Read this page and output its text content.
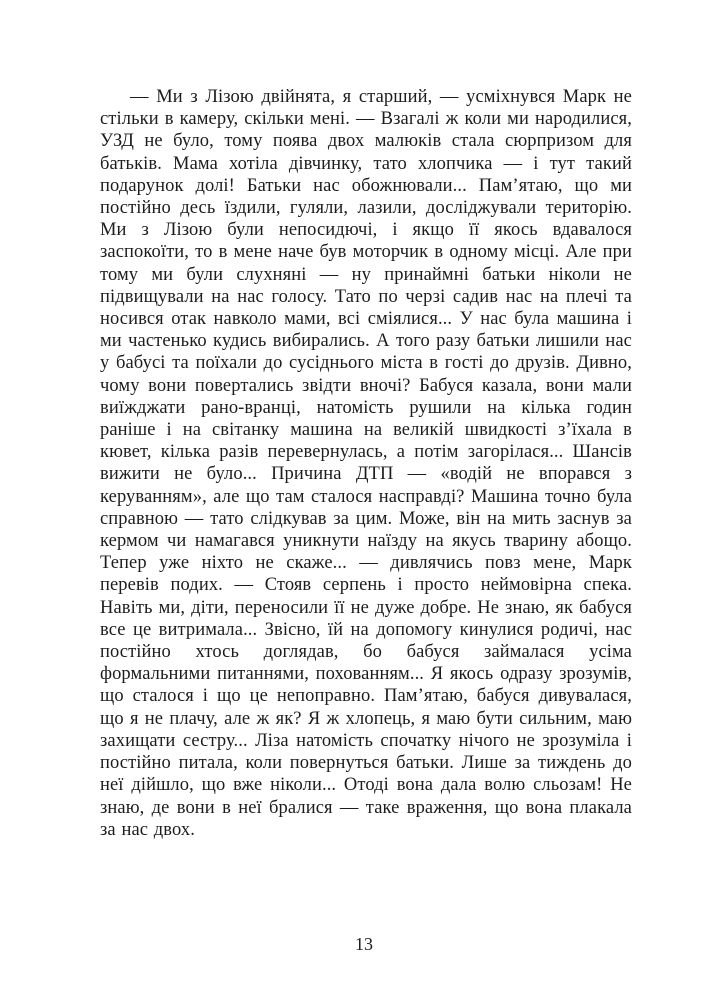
— Ми з Лізою двійнята, я старший, — усміхнувся Марк не стільки в камеру, скільки мені. — Взагалі ж коли ми народилися, УЗД не було, тому поява двох малюків стала сюрпризом для батьків. Мама хотіла дівчинку, тато хлопчика — і тут такий подарунок долі! Батьки нас обожнювали... Пам’ятаю, що ми постійно десь їздили, гуляли, лазили, досліджували територію. Ми з Лізою були непосидючі, і якщо її якось вдавалося заспокоїти, то в мене наче був моторчик в одному місці. Але при тому ми були слухняні — ну принаймні батьки ніколи не підвищували на нас голосу. Тато по черзі садив нас на плечі та носився отак навколо мами, всі сміялися... У нас була машина і ми частенько кудись вибирались. А того разу батьки лишили нас у бабусі та поїхали до сусіднього міста в гості до друзів. Дивно, чому вони повертались звідти вночі? Бабуся казала, вони мали виїжджати рано-вранці, натомість рушили на кілька годин раніше і на світанку машина на великій швидкості з’їхала в кювет, кілька разів перевернулась, а потім загорілася... Шансів вижити не було... Причина ДТП — «водій не впорався з керуванням», але що там сталося насправді? Машина точно була справною — тато слідкував за цим. Може, він на мить заснув за кермом чи намагався уникнути наїзду на якусь тварину абощо. Тепер уже ніхто не скаже... — дивлячись повз мене, Марк перевів подих. — Стояв серпень і просто неймовірна спека. Навіть ми, діти, переносили її не дуже добре. Не знаю, як бабуся все це витримала... Звісно, їй на допомогу кинулися родичі, нас постійно хтось доглядав, бо бабуся займалася усіма формальними питаннями, похованням... Я якось одразу зрозумів, що сталося і що це непоправно. Пам’ятаю, бабуся дивувалася, що я не плачу, але ж як? Я ж хлопець, я маю бути сильним, маю захищати сестру... Ліза натомість спочатку нічого не зрозуміла і постійно питала, коли повернуться батьки. Лише за тиждень до неї дійшло, що вже ніколи... Отоді вона дала волю сльозам! Не знаю, де вони в неї бралися — таке враження, що вона плакала за нас двох.

13
